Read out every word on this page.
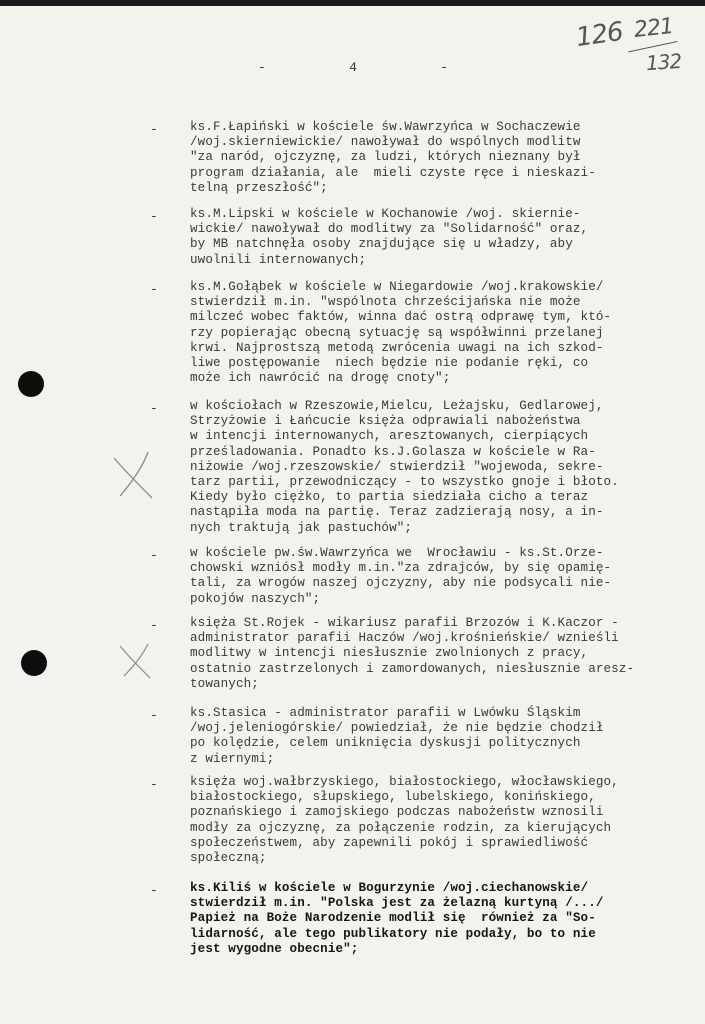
126 221
132
-	4	-
-	ks.F.Łapiński w kościele św.Wawrzyńca w Sochaczewie
/woj.skierniewickie/ nawoływał do wspólnych modlitw
"za naród, ojczyznę, za ludzi, których nieznany był
program działania, ale  mieli czyste ręce i nieskazi-
telną przeszłość";
-	ks.M.Lipski w kościele w Kochanowie /woj. skiernie-
wickie/ nawoływał do modlitwy za "Solidarność" oraz,
by MB natchnęła osoby znajdujące się u władzy, aby
uwolnili internowanych;
-	ks.M.Gołąbek w kościele w Niegardowie /woj.krakowskie/
stwierdził m.in. "wspólnota chrześcijańska nie może
milczeć wobec faktów, winna dać ostrą odprawę tym, któ-
rzy popierając obecną sytuację są współwinni przelanej
krwi. Najprostszą metodą zwrócenia uwagi na ich szkod-
liwe postępowanie  niech będzie nie podanie ręki, co
może ich nawrócić na drogę cnoty";
-	w kościołach w Rzeszowie,Mielcu, Leżajsku, Gedlarowej,
Strzyżowie i Łańcucie księża odprawiali nabożeństwa
w intencji internowanych, aresztowanych, cierpiących
prześladowania. Ponadto ks.J.Golasza w kościele w Ra-
niżowie /woj.rzeszowskie/ stwierdził "wojewoda, sekre-
tarz partii, przewodniczący - to wszystko gnoje i błoto.
Kiedy było ciężko, to partia siedziała cicho a teraz
nastąpiła moda na partię. Teraz zadzierają nosy, a in-
nych traktują jak pastuchów";
-	w kościele pw.św.Wawrzyńca we  Wrocławiu - ks.St.Orze-
chowski wzniósł modły m.in."za zdrajców, by się opamię-
tali, za wrogów naszej ojczyzny, aby nie podsycali nie-
pokojów naszych";
-	księża St.Rojek - wikariusz parafii Brzozów i K.Kaczor -
administrator parafii Haczów /woj.krośnieńskie/ wznieśli
modlitwy w intencji niesłusznie zwolnionych z pracy,
ostatnio zastrzelonych i zamordowanych, niesłusznie aresz-
towanych;
-	ks.Stasica - administrator parafii w Lwówku Śląskim
/woj.jeleniogórskie/ powiedział, że nie będzie chodził
po kolędzie, celem uniknięcia dyskusji politycznych
z wiernymi;
-	księża woj.wałbrzyskiego, białostockiego, włocławskiego,
białostockiego, słupskiego, lubelskiego, konińskiego,
poznańskiego i zamojskiego podczas nabożeństw wznosili
modły za ojczyznę, za połączenie rodzin, za kierujących
społeczeństwem, aby zapewnili pokój i sprawiedliwość
społeczną;
-	ks.Kiliś w kościele w Bogurzynie /woj.ciechanowskie/
stwierdził m.in. "Polska jest za żelazną kurtyną /.../
Papież na Boże Narodzenie modlił się  również za "So-
lidarność, ale tego publikatory nie podały, bo to nie
jest wygodne obecnie";
